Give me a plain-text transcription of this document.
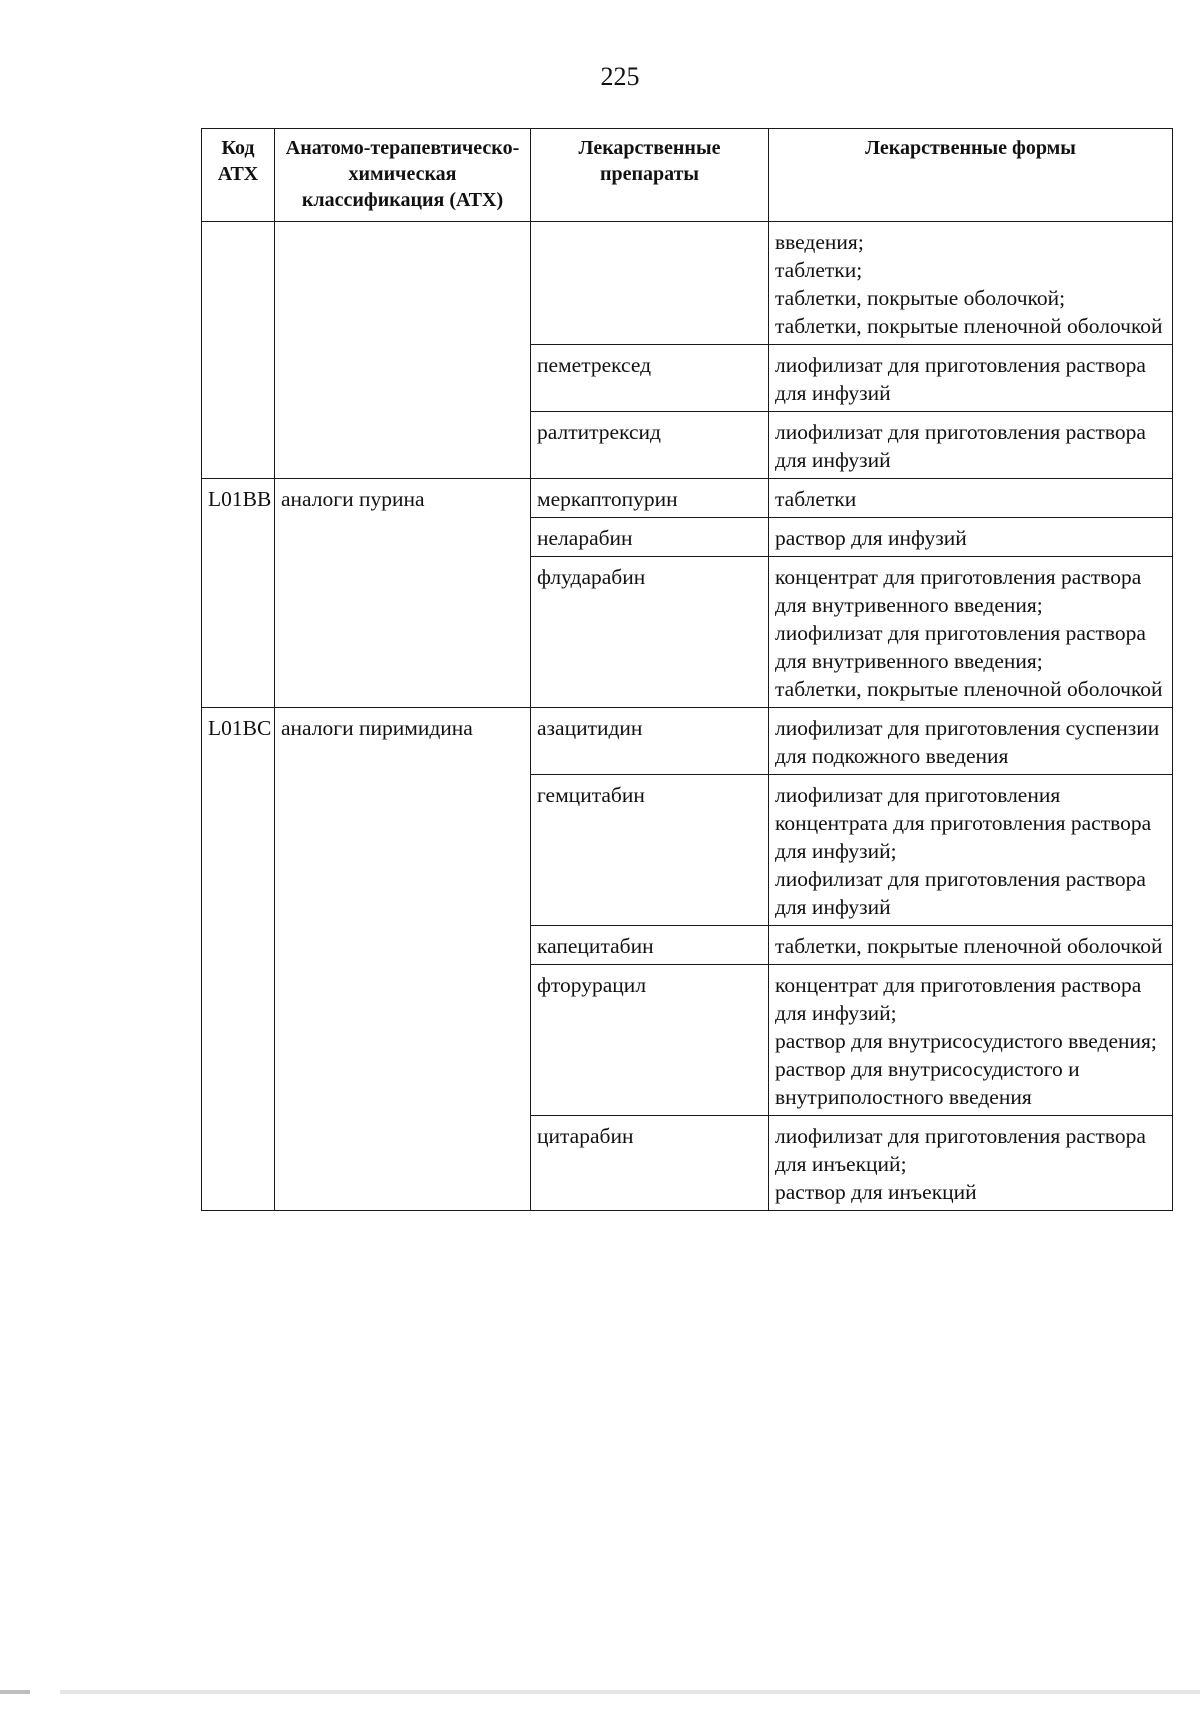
225
Код АТХ	Анатомо-терапевтическо-химическая классификация (АТХ)	Лекарственные препараты	Лекарственные формы

			введения;
таблетки;
таблетки, покрытые оболочкой;
таблетки, покрытые пленочной оболочкой

		пеметрексед	лиофилизат для приготовления раствора для инфузий

		ралтитрексид	лиофилизат для приготовления раствора для инфузий

L01BB	аналоги пурина	меркаптопурин	таблетки

		неларабин	раствор для инфузий

		флударабин	концентрат для приготовления раствора для внутривенного введения;
лиофилизат для приготовления раствора для внутривенного введения;
таблетки, покрытые пленочной оболочкой

L01BC	аналоги пиримидина	азацитидин	лиофилизат для приготовления суспензии для подкожного введения

		гемцитабин	лиофилизат для приготовления концентрата для приготовления раствора для инфузий;
лиофилизат для приготовления раствора для инфузий

		капецитабин	таблетки, покрытые пленочной оболочкой

		фторурацил	концентрат для приготовления раствора для инфузий;
раствор для внутрисосудистого введения;
раствор для внутрисосудистого и внутриполостного введения

		цитарабин	лиофилизат для приготовления раствора для инъекций;
раствор для инъекций
